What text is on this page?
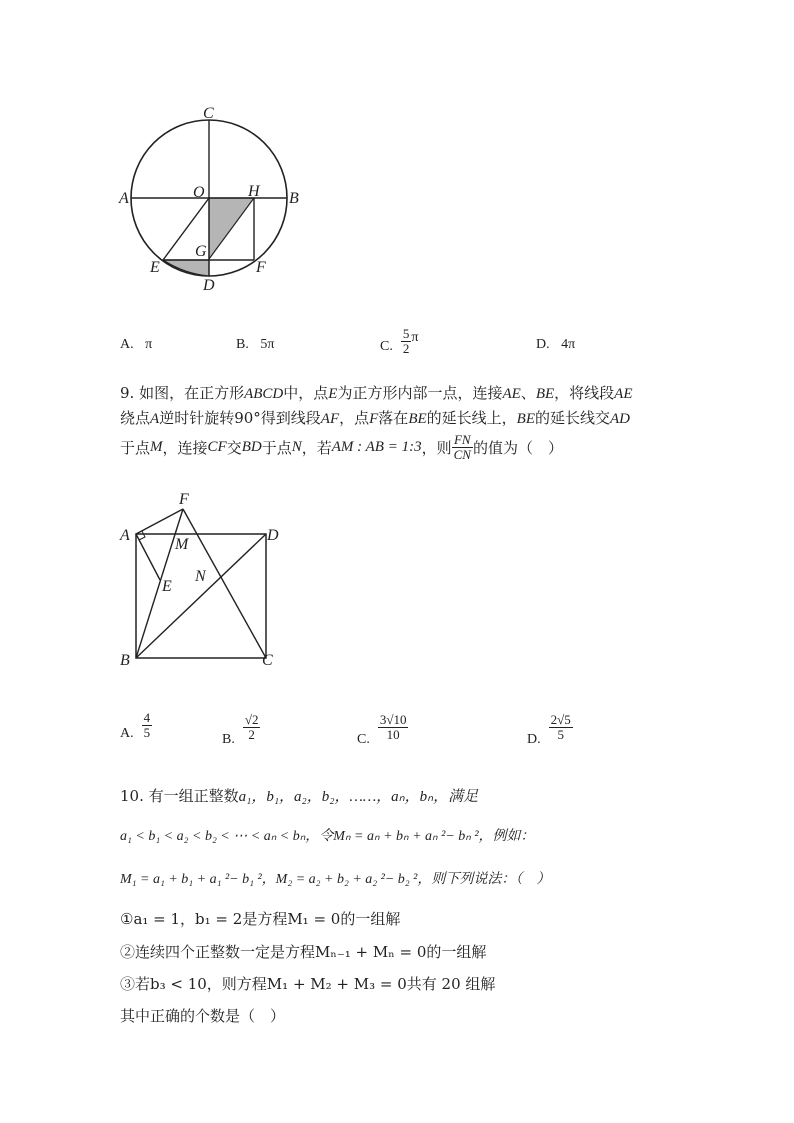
C
A	O	H B
G
E	F
D
A. π	B. 5π	C. $\frac{5}{2}$ π	D. 4π
9. 如图，在正方形ABCD中，点E为正方形内部一点，连接AE、BE，将线段AE
绕点A逆时针旋转90°得到线段AF，点F落在BE的延长线上，BE的延长线交AD
于点 M ，连接 CF 交 BD 于点 N ，若 AM : AB = 1:3 ，则 $\frac{FN}{CN}$ 的值为（　）
F
A
M
D
N
E
B	C
A. $\frac{4}{5}$
B. $\frac{√2}{2}$	C. $\frac{3√10}{10}$	D. $\frac{2√5}{5}$
10. 有一组正整数a₁，b₁，a₂，b₂，……，aₙ，bₙ，满足
a₁ < b₁ < a₂ < b₂ < ⋯ < aₙ < bₙ，令Mₙ = aₙ + bₙ + aₙ ²− bₙ ²，例如：
M₁ = a₁ + b₁ + a₁ ²− b₁ ²，M₂ = a₂ + b₂ + a₂ ²− b₂ ²，则下列说法：（　）
①a₁ = 1，b₁ = 2是方程M₁ = 0的一组解
②连续四个正整数一定是方程Mₙ₋₁ + Mₙ = 0的一组解
③若b₃ < 10，则方程M₁ + M₂ + M₃ = 0共有 20 组解
其中正确的个数是（　）
